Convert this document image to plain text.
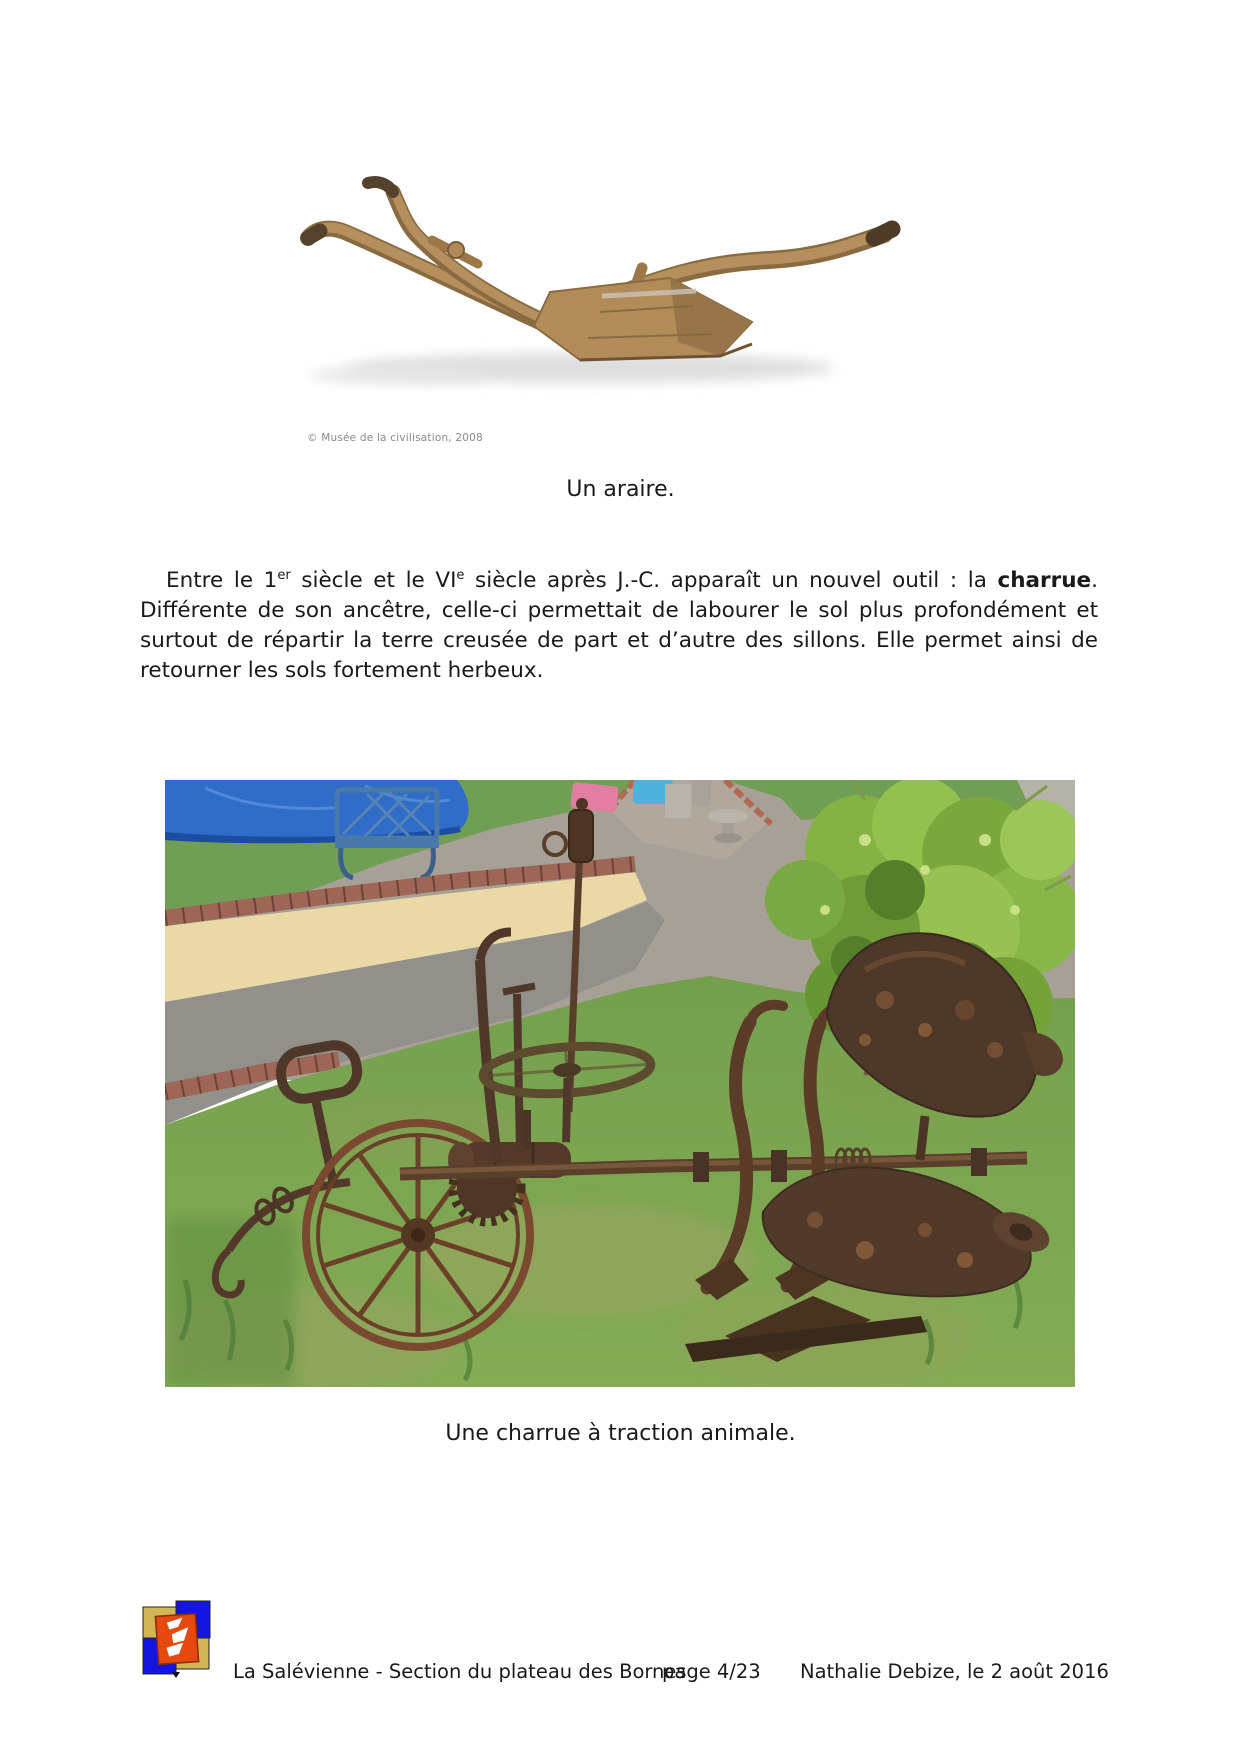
© Musée de la civilisation, 2008
Un araire.

Entre le 1er siècle et le VIe siècle après J.-C. apparaît un nouvel outil : la charrue. Différente de son ancêtre, celle-ci permettait de labourer le sol plus profondément et surtout de répartir la terre creusée de part et d’autre des sillons. Elle permet ainsi de retourner les sols fortement herbeux.

Une charrue à traction animale.
La Salévienne - Section du plateau des Bornes
page 4/23 Nathalie Debize, le 2 août 2016
